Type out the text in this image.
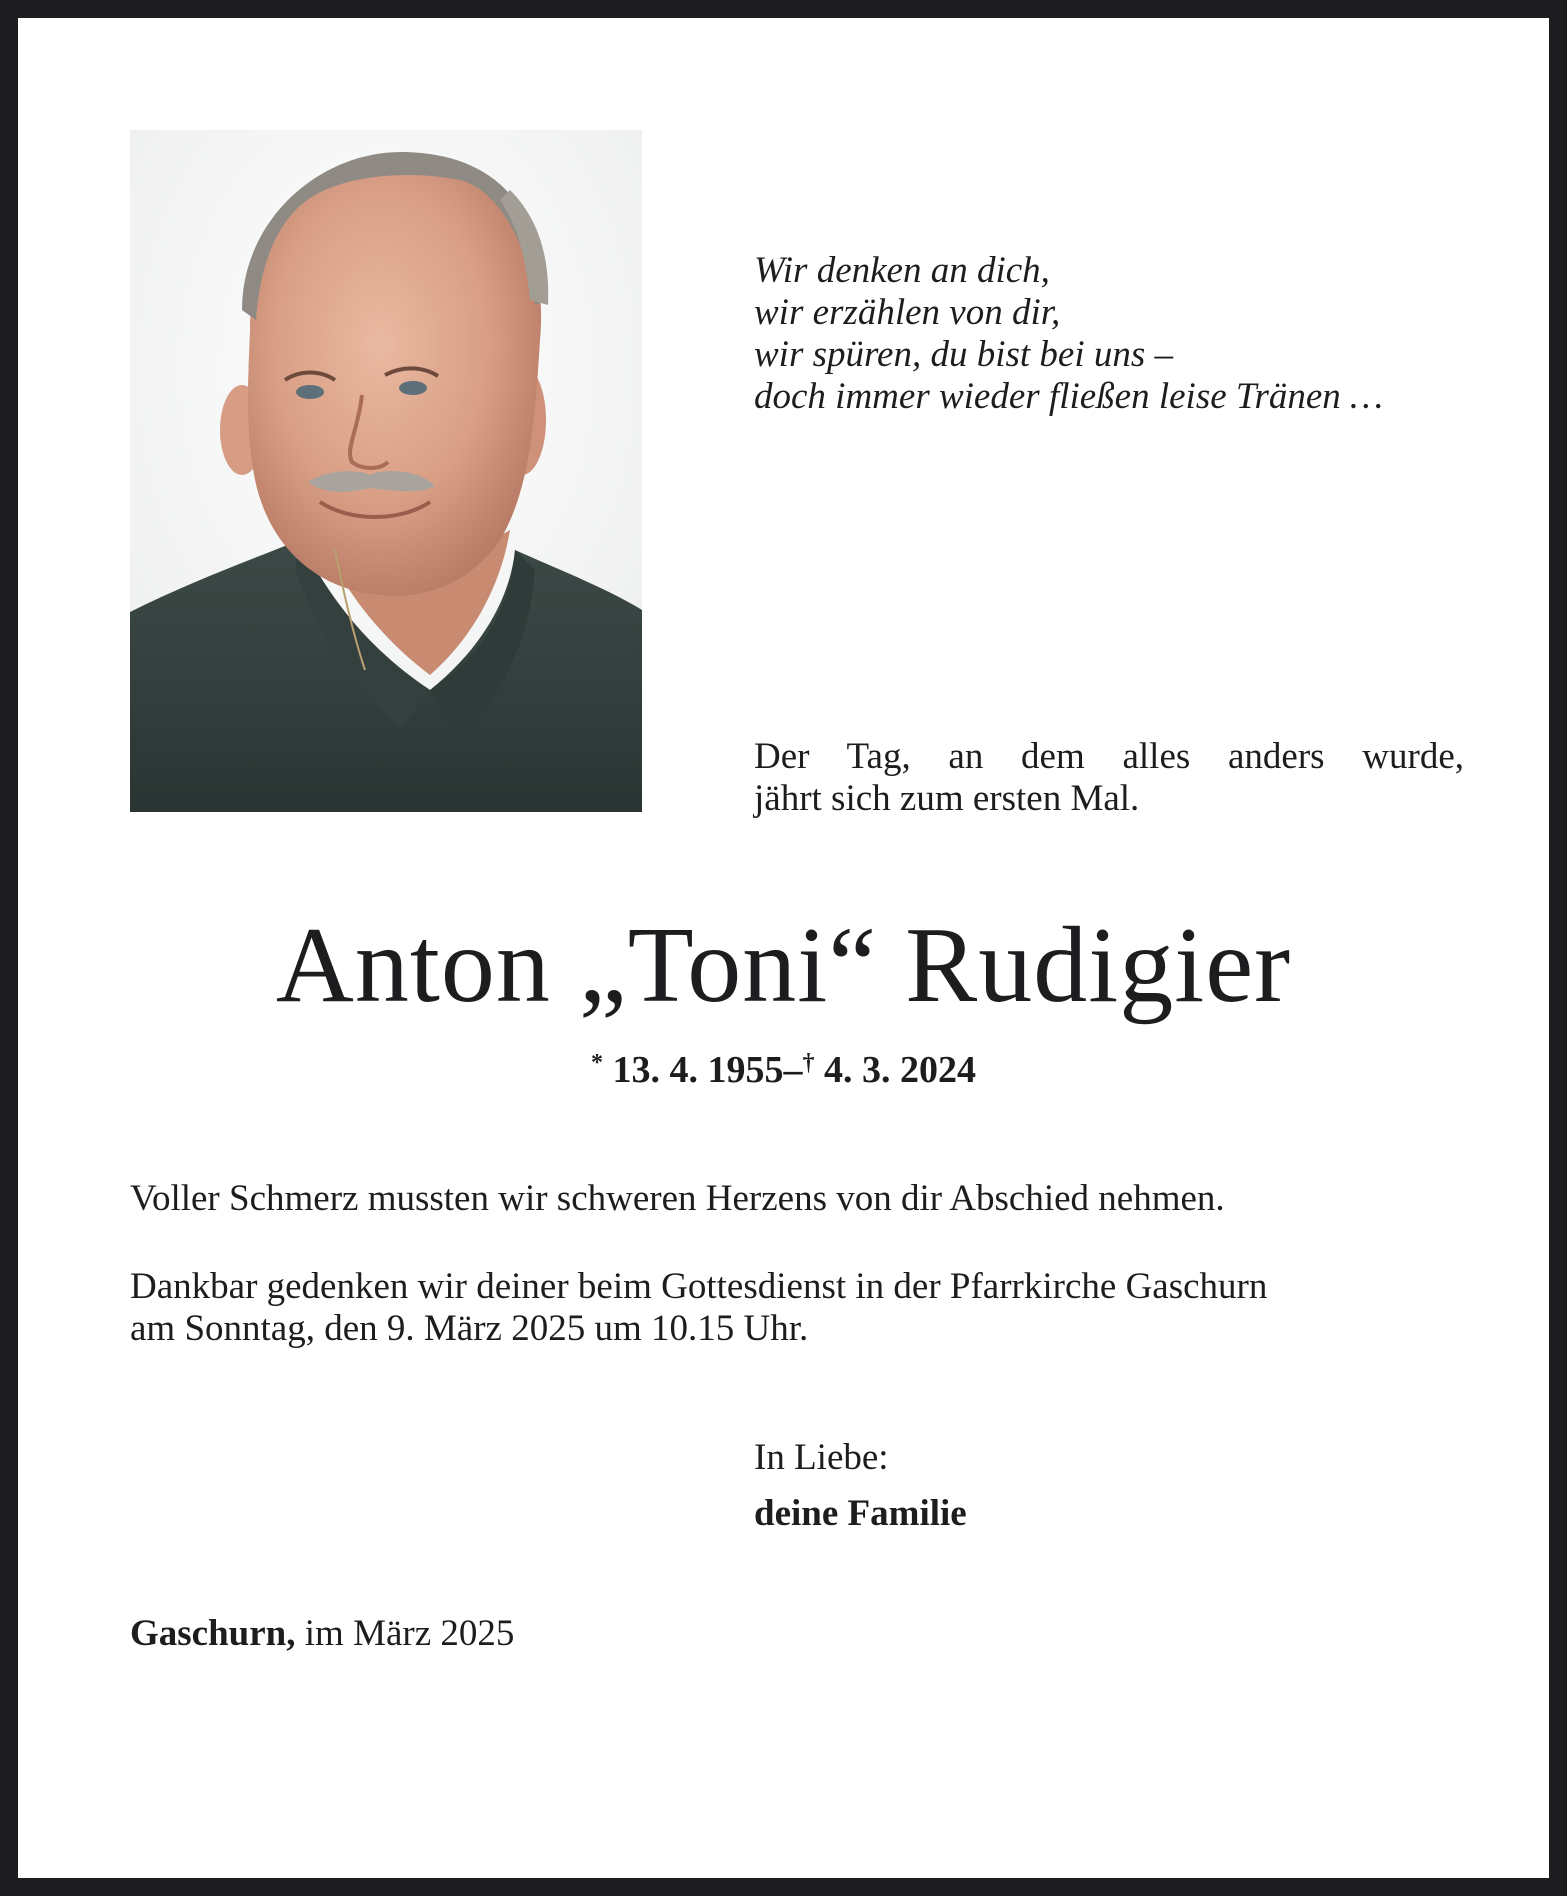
Wir denken an dich,
wir erzählen von dir,
wir spüren, du bist bei uns –
doch immer wieder fließen leise Tränen …
Der Tag, an dem alles anders wurde,
jährt sich zum ersten Mal.
Anton „Toni“ Rudigier
* 13. 4. 1955–† 4. 3. 2024
Voller Schmerz mussten wir schweren Herzens von dir Abschied nehmen.
Dankbar gedenken wir deiner beim Gottesdienst in der Pfarrkirche Gaschurn
am Sonntag, den 9. März 2025 um 10.15 Uhr.
In Liebe:
deine Familie
Gaschurn, im März 2025
